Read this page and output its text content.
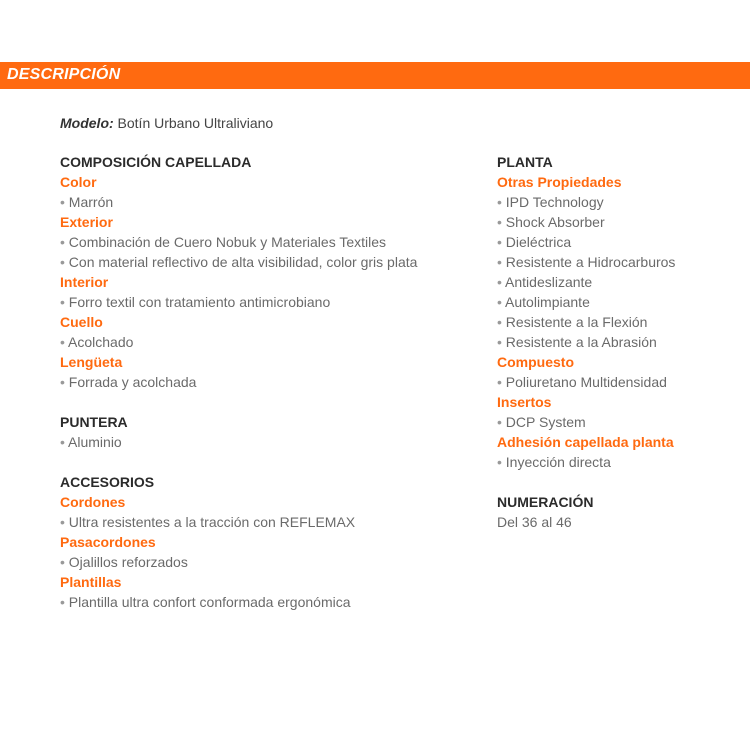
DESCRIPCIÓN
Modelo: Botín Urbano Ultraliviano
COMPOSICIÓN CAPELLADA
Color
• Marrón
Exterior
• Combinación de Cuero Nobuk y Materiales Textiles
• Con material reflectivo de alta visibilidad, color gris plata
Interior
• Forro textil con tratamiento antimicrobiano
Cuello
• Acolchado
Lengüeta
• Forrada y acolchada
PUNTERA
• Aluminio
ACCESORIOS
Cordones
• Ultra resistentes a la tracción con REFLEMAX
Pasacordones
• Ojalillos reforzados
Plantillas
• Plantilla ultra confort conformada ergonómica
PLANTA
Otras Propiedades
• IPD Technology
• Shock Absorber
• Dieléctrica
• Resistente a Hidrocarburos
• Antideslizante
• Autolimpiante
• Resistente a la Flexión
• Resistente a la Abrasión
Compuesto
• Poliuretano Multidensidad
Insertos
• DCP System
Adhesión capellada planta
• Inyección directa
NUMERACIÓN
Del 36 al 46
